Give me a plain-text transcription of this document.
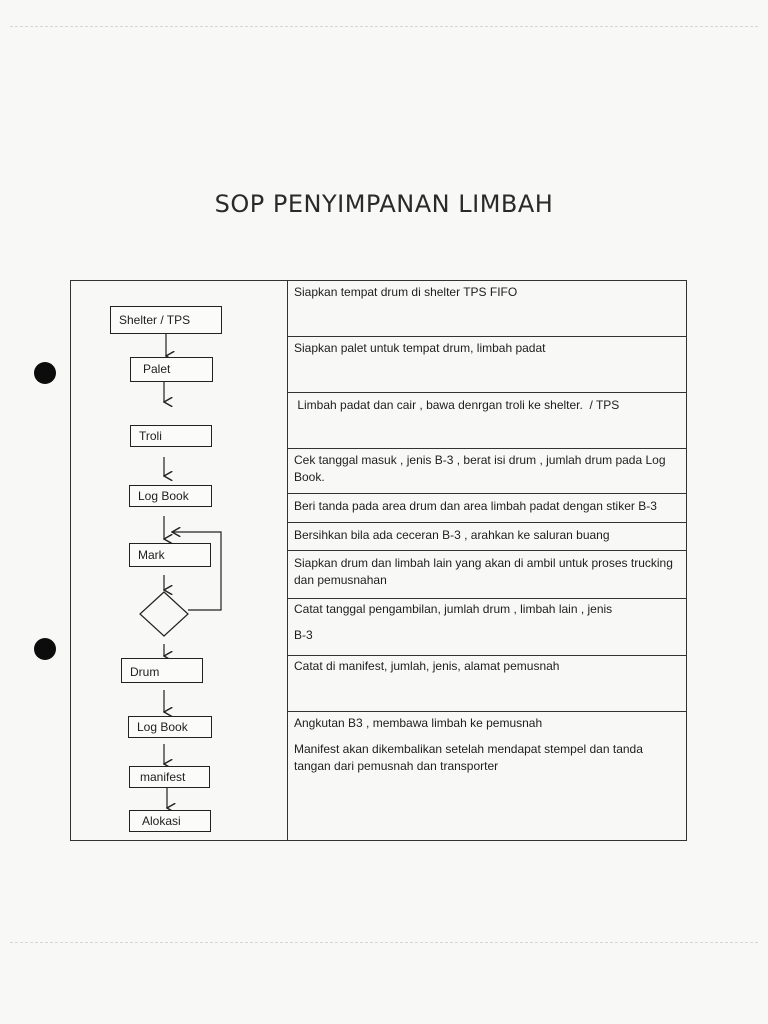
SOP PENYIMPANAN LIMBAH
Siapkan tempat drum di shelter TPS FIFO
Siapkan palet untuk tempat drum, limbah padat
Limbah padat dan cair , bawa denrgan troli ke shelter.  / TPS
Cek tanggal masuk , jenis B-3 , berat isi drum , jumlah drum pada Log Book.
Beri tanda pada area drum dan area limbah padat dengan stiker B-3
Bersihkan bila ada ceceran B-3 , arahkan ke saluran buang
Siapkan drum dan limbah lain yang akan di ambil untuk proses trucking dan pemusnahan
Catat tanggal pengambilan, jumlah drum , limbah lain , jenis
B-3
Catat di manifest, jumlah, jenis, alamat pemusnah
Angkutan B3 , membawa limbah ke pemusnah
Manifest akan dikembalikan setelah mendapat stempel dan tanda tangan dari pemusnah dan transporter
Shelter / TPS
Palet
Troli
Log Book
Mark
Drum
Log Book
manifest
Alokasi
